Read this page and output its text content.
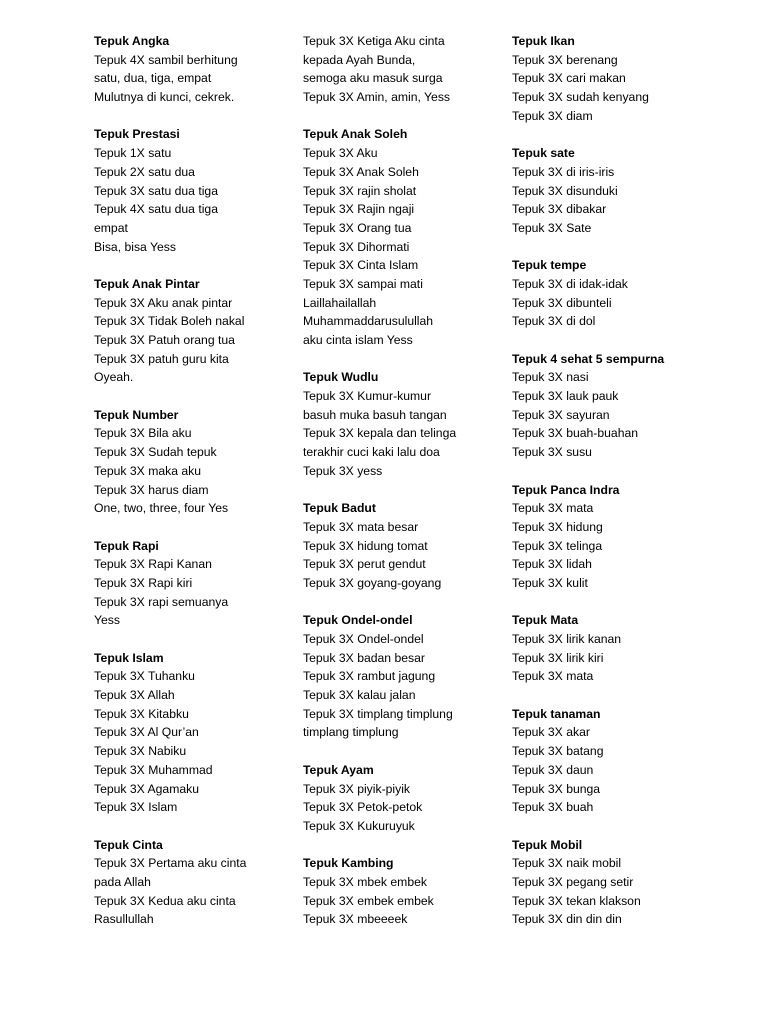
Tepuk Angka
Tepuk 4X sambil berhitung
satu, dua, tiga, empat
Mulutnya di kunci, cekrek.
Tepuk Prestasi
Tepuk 1X satu
Tepuk 2X satu dua
Tepuk 3X satu dua tiga
Tepuk 4X satu dua tiga
empat
Bisa, bisa Yess
Tepuk Anak Pintar
Tepuk 3X Aku anak pintar
Tepuk 3X Tidak Boleh nakal
Tepuk 3X Patuh orang tua
Tepuk 3X patuh guru kita
Oyeah.
Tepuk Number
Tepuk 3X Bila aku
Tepuk 3X Sudah tepuk
Tepuk 3X maka aku
Tepuk 3X harus diam
One, two, three, four Yes
Tepuk Rapi
Tepuk 3X Rapi Kanan
Tepuk 3X Rapi kiri
Tepuk 3X rapi semuanya
Yess
Tepuk Islam
Tepuk 3X Tuhanku
Tepuk 3X Allah
Tepuk 3X Kitabku
Tepuk 3X Al Qur’an
Tepuk 3X Nabiku
Tepuk 3X Muhammad
Tepuk 3X Agamaku
Tepuk 3X Islam
Tepuk Cinta
Tepuk 3X Pertama aku cinta
pada Allah
Tepuk 3X Kedua aku cinta
Rasullullah
Tepuk 3X Ketiga Aku cinta
kepada Ayah Bunda,
semoga aku masuk surga
Tepuk 3X Amin, amin, Yess
Tepuk Anak Soleh
Tepuk 3X Aku
Tepuk 3X Anak Soleh
Tepuk 3X rajin sholat
Tepuk 3X Rajin ngaji
Tepuk 3X Orang tua
Tepuk 3X Dihormati
Tepuk 3X Cinta Islam
Tepuk 3X sampai mati
Laillahailallah
Muhammaddarusulullah
aku cinta islam Yess
Tepuk Wudlu
Tepuk 3X Kumur-kumur
basuh muka basuh tangan
Tepuk 3X kepala dan telinga
terakhir cuci kaki lalu doa
Tepuk 3X yess
Tepuk Badut
Tepuk 3X mata besar
Tepuk 3X hidung tomat
Tepuk 3X perut gendut
Tepuk 3X goyang-goyang
Tepuk Ondel-ondel
Tepuk 3X Ondel-ondel
Tepuk 3X badan besar
Tepuk 3X rambut jagung
Tepuk 3X kalau jalan
Tepuk 3X timplang timplung
timplang timplung
Tepuk Ayam
Tepuk 3X piyik-piyik
Tepuk 3X Petok-petok
Tepuk 3X Kukuruyuk
Tepuk Kambing
Tepuk 3X mbek embek
Tepuk 3X embek embek
Tepuk 3X mbeeeek
Tepuk Ikan
Tepuk 3X berenang
Tepuk 3X cari makan
Tepuk 3X sudah kenyang
Tepuk 3X diam
Tepuk sate
Tepuk 3X di iris-iris
Tepuk 3X disunduki
Tepuk 3X dibakar
Tepuk 3X Sate
Tepuk tempe
Tepuk 3X di idak-idak
Tepuk 3X dibunteli
Tepuk 3X di dol
Tepuk 4 sehat 5 sempurna
Tepuk 3X nasi
Tepuk 3X lauk pauk
Tepuk 3X sayuran
Tepuk 3X buah-buahan
Tepuk 3X susu
Tepuk Panca Indra
Tepuk 3X mata
Tepuk 3X hidung
Tepuk 3X telinga
Tepuk 3X lidah
Tepuk 3X kulit
Tepuk Mata
Tepuk 3X lirik kanan
Tepuk 3X lirik kiri
Tepuk 3X mata
Tepuk tanaman
Tepuk 3X akar
Tepuk 3X batang
Tepuk 3X daun
Tepuk 3X bunga
Tepuk 3X buah
Tepuk Mobil
Tepuk 3X naik mobil
Tepuk 3X pegang setir
Tepuk 3X tekan klakson
Tepuk 3X din din din
